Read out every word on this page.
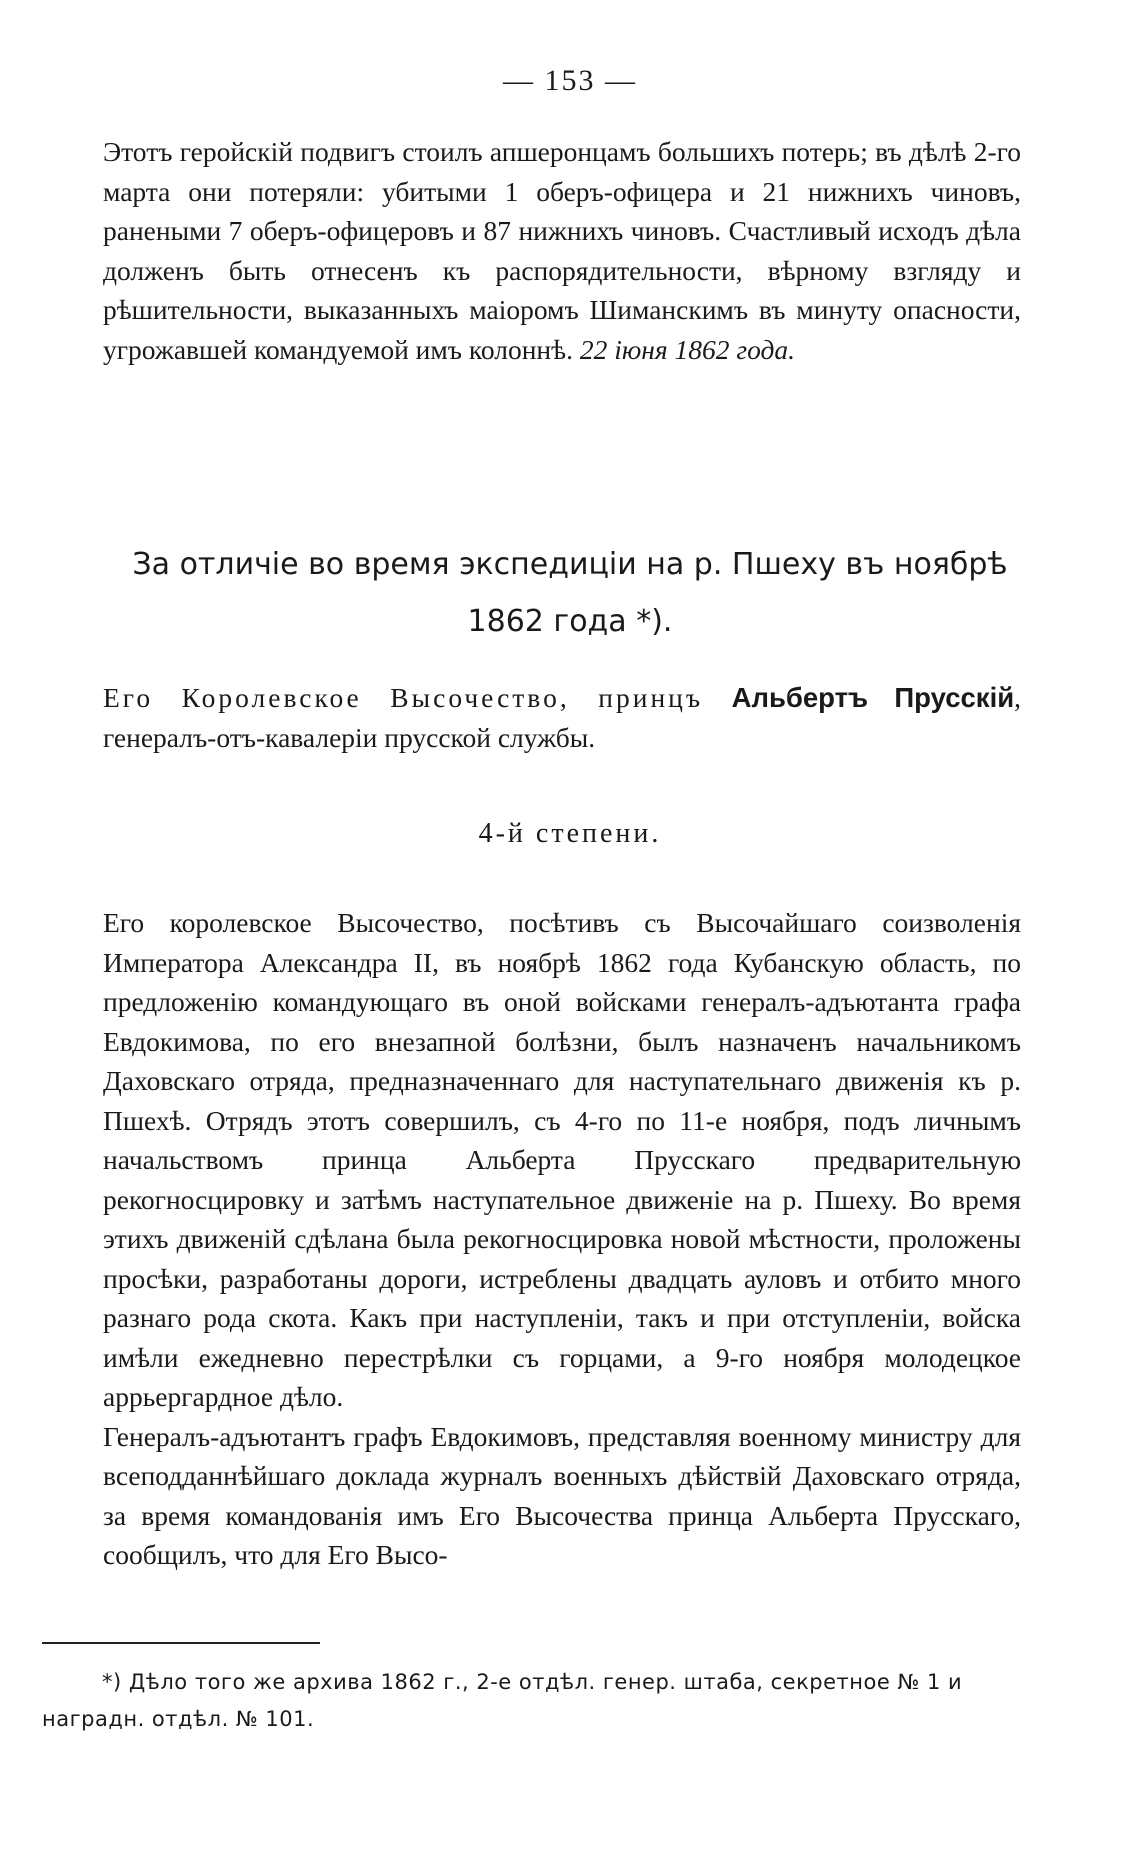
— 153 —

Этотъ геройскій подвигъ стоилъ апшеронцамъ большихъ потерь; въ дѣлѣ 2-го марта они потеряли: убитыми 1 оберъ-офицера и 21 нижнихъ чиновъ, ранеными 7 оберъ-офицеровъ и 87 нижнихъ чиновъ. Счастливый исходъ дѣла долженъ быть отнесенъ къ распорядительности, вѣрному взгляду и рѣшительности, выказанныхъ маіоромъ Шиманскимъ въ минуту опасности, угрожавшей командуемой имъ колоннѣ. 22 іюня 1862 года.

За отличіе во время экспедиціи на р. Пшеху въ ноябрѣ

1862 года *).

Его Королевское Высочество, принцъ Альбертъ Прусскій, генералъ-отъ-кавалеріи прусской службы.

4-й степени.

Его королевское Высочество, посѣтивъ съ Высочайшаго соизволенія Императора Александра II, въ ноябрѣ 1862 года Кубанскую область, по предложенію командующаго въ оной войсками генералъ-адъютанта графа Евдокимова, по его внезапной болѣзни, былъ назначенъ начальникомъ Даховскаго отряда, предназначеннаго для наступательнаго движенія къ р. Пшехѣ. Отрядъ этотъ совершилъ, съ 4-го по 11-е ноября, подъ личнымъ начальствомъ принца Альберта Прусскаго предварительную рекогносцировку и затѣмъ наступательное движеніе на р. Пшеху. Во время этихъ движеній сдѣлана была рекогносцировка новой мѣстности, проложены просѣки, разработаны дороги, истреблены двадцать ауловъ и отбито много разнаго рода скота. Какъ при наступленіи, такъ и при отступленіи, войска имѣли ежедневно перестрѣлки съ горцами, а 9-го ноября молодецкое аррьергардное дѣло.

Генералъ-адъютантъ графъ Евдокимовъ, представляя военному министру для всеподданнѣйшаго доклада журналъ военныхъ дѣйствій Даховскаго отряда, за время командованія имъ Его Высочества принца Альберта Прусскаго, сообщилъ, что для Его Высо-

*) Дѣло того же архива 1862 г., 2-е отдѣл. генер. штаба, секретное № 1 и
наградн. отдѣл. № 101.
